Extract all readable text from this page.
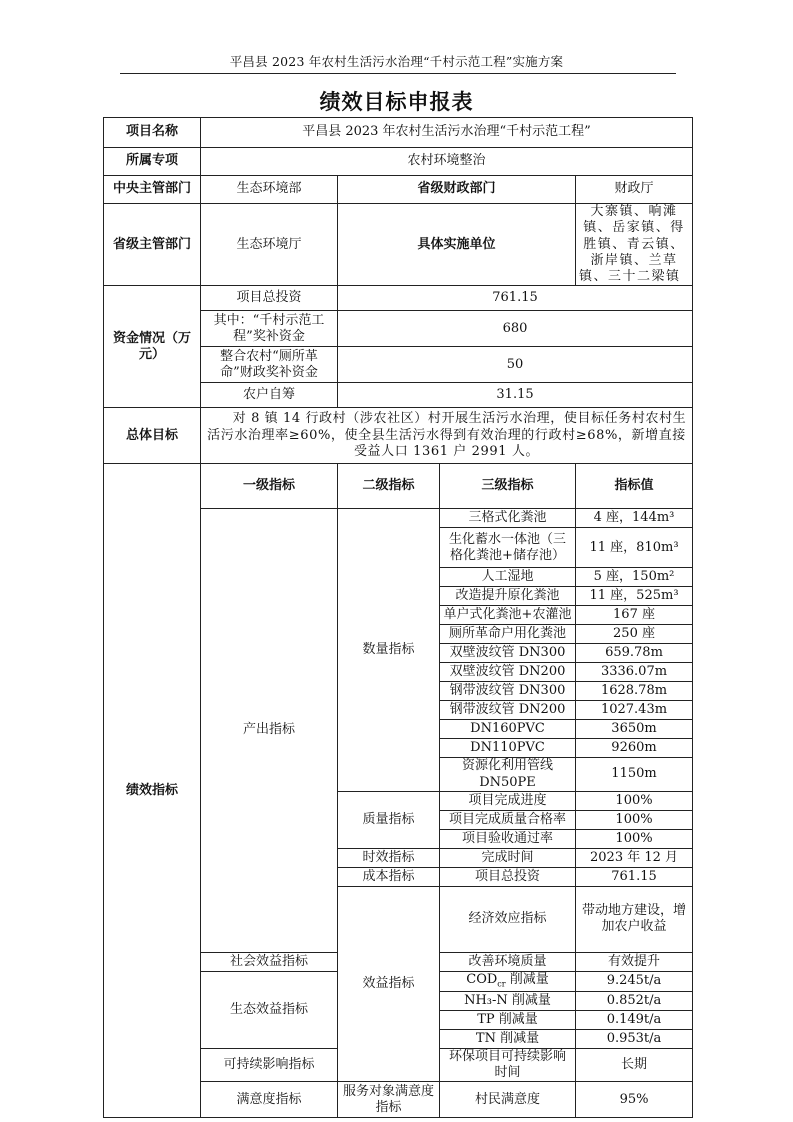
平昌县 2023 年农村生活污水治理“千村示范工程”实施方案
绩效目标申报表
项目名称	平昌县 2023 年农村生活污水治理“千村示范工程”				
所属专项	农村环境整治				
中央主管部门	生态环境部	省级财政部门		财政厅	
省级主管部门	生态环境厅	具体实施单位		大寨镇、响滩镇、岳家镇、得胜镇、青云镇、浙岸镇、兰草镇、三十二梁镇	
资金情况（万元）	项目总投资	761.15			
	其中：“千村示范工程”奖补资金	680			
	整合农村“厕所革命”财政奖补资金	50			
	农户自筹	31.15			
总体目标	对 8 镇 14 行政村（涉农社区）村开展生活污水治理，使目标任务村农村生活污水治理率≥60%，使全县生活污水得到有效治理的行政村≥68%，新增直接受益人口 1361 户 2991 人。				
绩效指标	一级指标	二级指标	三级指标	指标值	
	产出指标	数量指标	三格式化粪池	4 座，144m³	
			生化蓄水一体池（三格化粪池+储存池）	11 座，810m³	
			人工湿地	5 座，150m²	
			改造提升原化粪池	11 座，525m³	
			单户式化粪池+农灌池	167 座	
			厕所革命户用化粪池	250 座	
			双壁波纹管 DN300	659.78m	
			双壁波纹管 DN200	3336.07m	
			钢带波纹管 DN300	1628.78m	
			钢带波纹管 DN200	1027.43m	
			DN160PVC	3650m	
			DN110PVC	9260m	
			资源化利用管线 DN50PE	1150m	
		质量指标	项目完成进度	100%	
			项目完成质量合格率	100%	
			项目验收通过率	100%	
		时效指标	完成时间	2023 年 12 月	
		成本指标	项目总投资	761.15	
		效益指标	经济效应指标	带动地方建设，增加农户收益	
	社会效益指标		改善环境质量	有效提升	
	生态效益指标		$COD_{cr}$ 削减量	9.245t/a	
			NH₃-N 削减量	0.852t/a	
			TP 削减量	0.149t/a	
			TN 削减量	0.953t/a	
	可持续影响指标		环保项目可持续影响时间	长期	
	满意度指标	服务对象满意度指标	村民满意度	95%	
